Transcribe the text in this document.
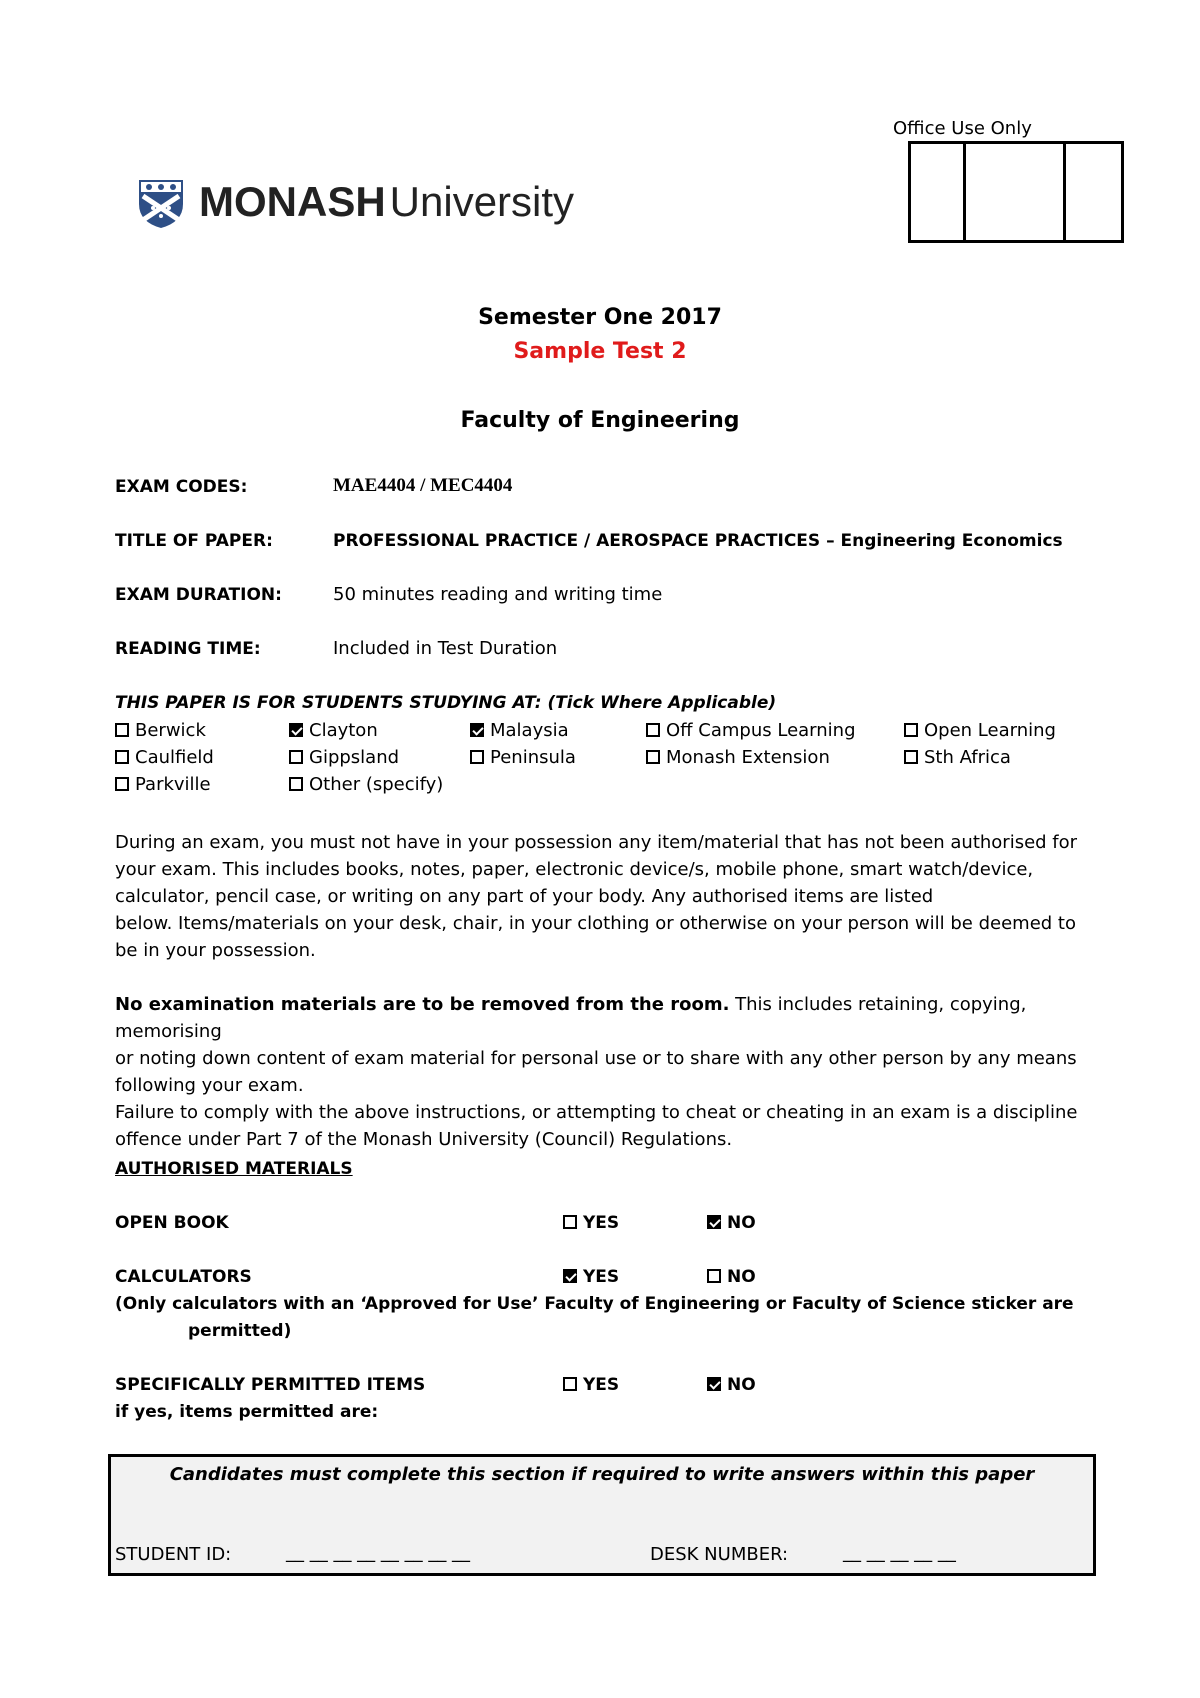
MONASH University
Office Use Only
Semester One 2017
Sample Test 2
Faculty of Engineering
EXAM CODES:	MAE4404 / MEC4404
TITLE OF PAPER:	PROFESSIONAL PRACTICE / AEROSPACE PRACTICES – Engineering Economics
EXAM DURATION:	50 minutes reading and writing time
READING TIME:	Included in Test Duration
THIS PAPER IS FOR STUDENTS STUDYING AT: (Tick Where Applicable)
Berwick	Clayton	Malaysia	Off Campus Learning	Open Learning
Caulfield	Gippsland	Peninsula	Monash Extension	Sth Africa
Parkville	Other (specify)
During an exam, you must not have in your possession any item/material that has not been authorised for
your exam. This includes books, notes, paper, electronic device/s, mobile phone, smart watch/device,
calculator, pencil case, or writing on any part of your body. Any authorised items are listed
below. Items/materials on your desk, chair, in your clothing or otherwise on your person will be deemed to
be in your possession.
No examination materials are to be removed from the room. This includes retaining, copying, memorising
or noting down content of exam material for personal use or to share with any other person by any means
following your exam.
Failure to comply with the above instructions, or attempting to cheat or cheating in an exam is a discipline
offence under Part 7 of the Monash University (Council) Regulations.
AUTHORISED MATERIALS
OPEN BOOK	YES	NO
CALCULATORS	YES	NO
(Only calculators with an ‘Approved for Use’ Faculty of Engineering or Faculty of Science sticker are
permitted)
SPECIFICALLY PERMITTED ITEMS	YES	NO
if yes, items permitted are:
Candidates must complete this section if required to write answers within this paper
STUDENT ID:	__ __ __ __ __ __ __ __	DESK NUMBER:	__ __ __ __ __
